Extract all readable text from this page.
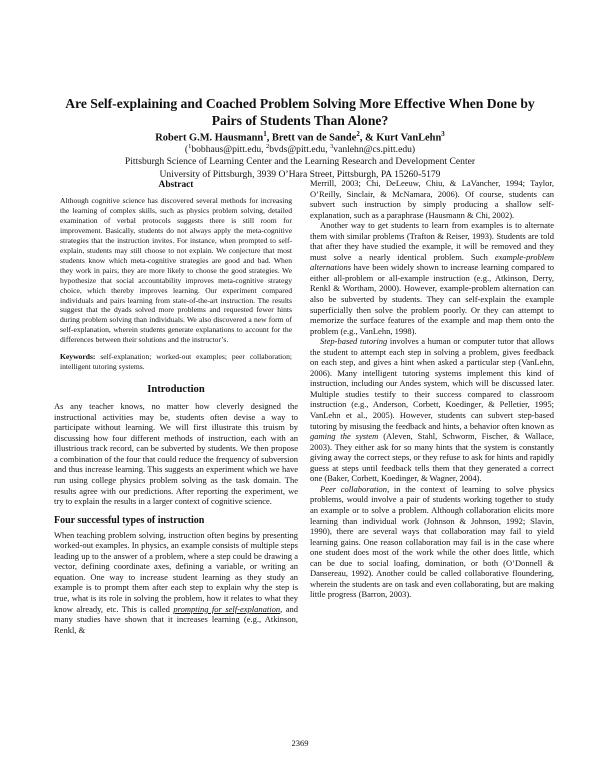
Are Self-explaining and Coached Problem Solving More Effective When Done by
Pairs of Students Than Alone?

Robert G.M. Hausmann$^1$, Brett van de Sande$^2$, & Kurt VanLehn$^3$

($^1$bobhaus@pitt.edu, $^2$bvds@pitt.edu, $^3$vanlehn@cs.pitt.edu)
Pittsburgh Science of Learning Center and the Learning Research and Development Center
University of Pittsburgh, 3939 O’Hara Street, Pittsburgh, PA 15260-5179

Abstract

Although cognitive science has discovered several methods for increasing the learning of complex skills, such as physics problem solving, detailed examination of verbal protocols suggests there is still room for improvement. Basically, students do not always apply the meta-cognitive strategies that the instruction invites. For instance, when prompted to self-explain, students may still choose to not explain. We conjecture that most students know which meta-cognitive strategies are good and bad. When they work in pairs, they are more likely to choose the good strategies. We hypothesize that social accountability improves meta-cognitive strategy choice, which thereby improves learning. Our experiment compared individuals and pairs learning from state-of-the-art instruction. The results suggest that the dyads solved more problems and requested fewer hints during problem solving than individuals. We also discovered a new form of self-explanation, wherein students generate explanations to account for the differences between their solutions and the instructor’s.

Keywords: self-explanation; worked-out examples; peer collaboration; intelligent tutoring systems.

Introduction

As any teacher knows, no matter how cleverly designed the instructional activities may be, students often devise a way to participate without learning. We will first illustrate this truism by discussing how four different methods of instruction, each with an illustrious track record, can be subverted by students. We then propose a combination of the four that could reduce the frequency of subversion and thus increase learning. This suggests an experiment which we have run using college physics problem solving as the task domain. The results agree with our predictions. After reporting the experiment, we try to explain the results in a larger context of cognitive science.

Four successful types of instruction

When teaching problem solving, instruction often begins by presenting worked-out examples. In physics, an example consists of multiple steps leading up to the answer of a problem, where a step could be drawing a vector, defining coordinate axes, defining a variable, or writing an equation. One way to increase student learning as they study an example is to prompt them after each step to explain why the step is true, what is its role in solving the problem, how it relates to what they know already, etc. This is called prompting for self-explanation, and many studies have shown that it increases learning (e.g., Atkinson, Renkl, &

Merrill, 2003; Chi, DeLeeuw, Chiu, & LaVancher, 1994; Taylor, O’Reilly, Sinclair, & McNamara, 2006). Of course, students can subvert such instruction by simply producing a shallow self-explanation, such as a paraphrase (Hausmann & Chi, 2002).

Another way to get students to learn from examples is to alternate them with similar problems (Trafton & Reiser, 1993). Students are told that after they have studied the example, it will be removed and they must solve a nearly identical problem. Such example-problem alternations have been widely shown to increase learning compared to either all-problem or all-example instruction (e.g., Atkinson, Derry, Renkl & Wortham, 2000). However, example-problem alternation can also be subverted by students. They can self-explain the example superficially then solve the problem poorly. Or they can attempt to memorize the surface features of the example and map them onto the problem (e.g., VanLehn, 1998).

Step-based tutoring involves a human or computer tutor that allows the student to attempt each step in solving a problem, gives feedback on each step, and gives a hint when asked a particular step (VanLehn, 2006). Many intelligent tutoring systems implement this kind of instruction, including our Andes system, which will be discussed later. Multiple studies testify to their success compared to classroom instruction (e.g., Anderson, Corbett, Koedinger, & Pelletier, 1995; VanLehn et al., 2005). However, students can subvert step-based tutoring by misusing the feedback and hints, a behavior often known as gaming the system (Aleven, Stahl, Schworm, Fischer, & Wallace, 2003). They either ask for so many hints that the system is constantly giving away the correct steps, or they refuse to ask for hints and rapidly guess at steps until feedback tells them that they generated a correct one (Baker, Corbett, Koedinger, & Wagner, 2004).

Peer collaboration, in the context of learning to solve physics problems, would involve a pair of students working together to study an example or to solve a problem. Although collaboration elicits more learning than individual work (Johnson & Johnson, 1992; Slavin, 1990), there are several ways that collaboration may fail to yield learning gains. One reason collaboration may fail is in the case where one student does most of the work while the other does little, which can be due to social loafing, domination, or both (O’Donnell & Dansereau, 1992). Another could be called collaborative floundering, wherein the students are on task and even collaborating, but are making little progress (Barron, 2003).

2369
